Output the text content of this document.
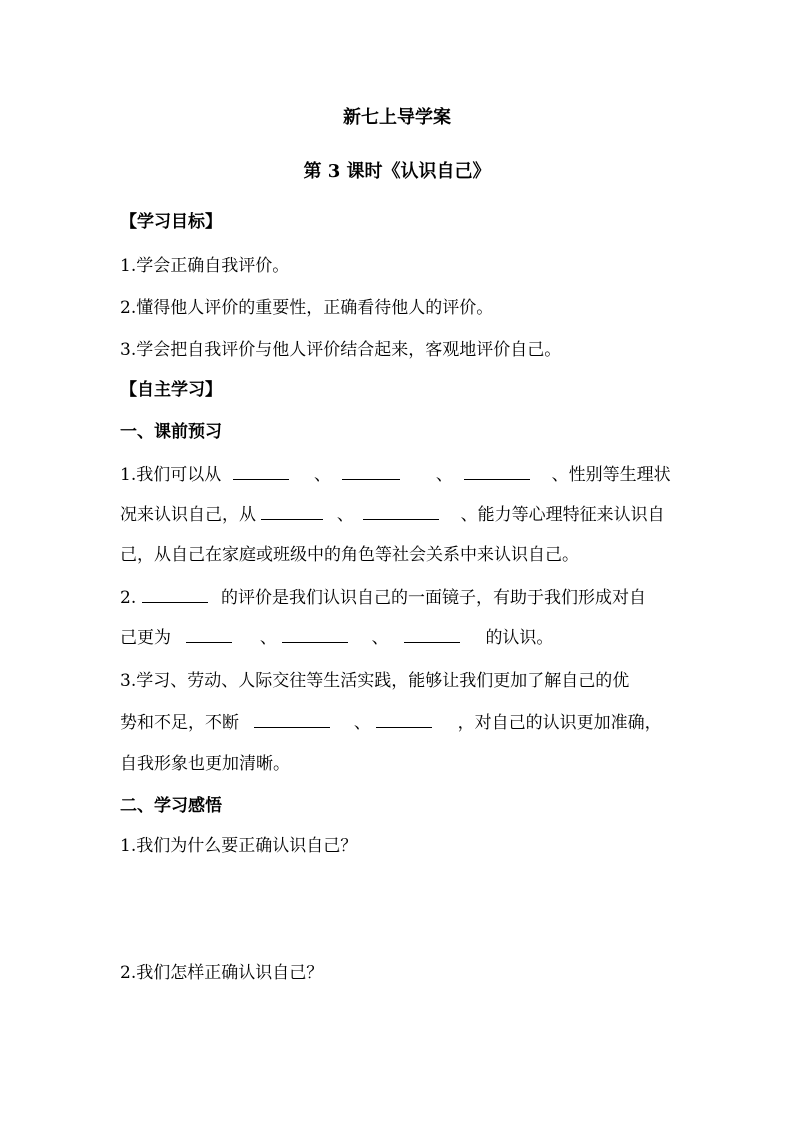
新七上导学案
第 3 课时《认识自己》
【学习目标】
1.学会正确自我评价。
2.懂得他人评价的重要性，正确看待他人的评价。
3.学会把自我评价与他人评价结合起来，客观地评价自己。
【自主学习】
一、课前预习
1.我们可以从	、	、	、性别等生理状
况来认识自己，从	、	、能力等心理特征来认识自
己，从自己在家庭或班级中的角色等社会关系中来认识自己。
2.	的评价是我们认识自己的一面镜子，有助于我们形成对自
己更为	、	、	的认识。
3.学习、劳动、人际交往等生活实践，能够让我们更加了解自己的优
势和不足，不断	、	，对自己的认识更加准确，
自我形象也更加清晰。
二、学习感悟
1.我们为什么要正确认识自己？
2.我们怎样正确认识自己？
